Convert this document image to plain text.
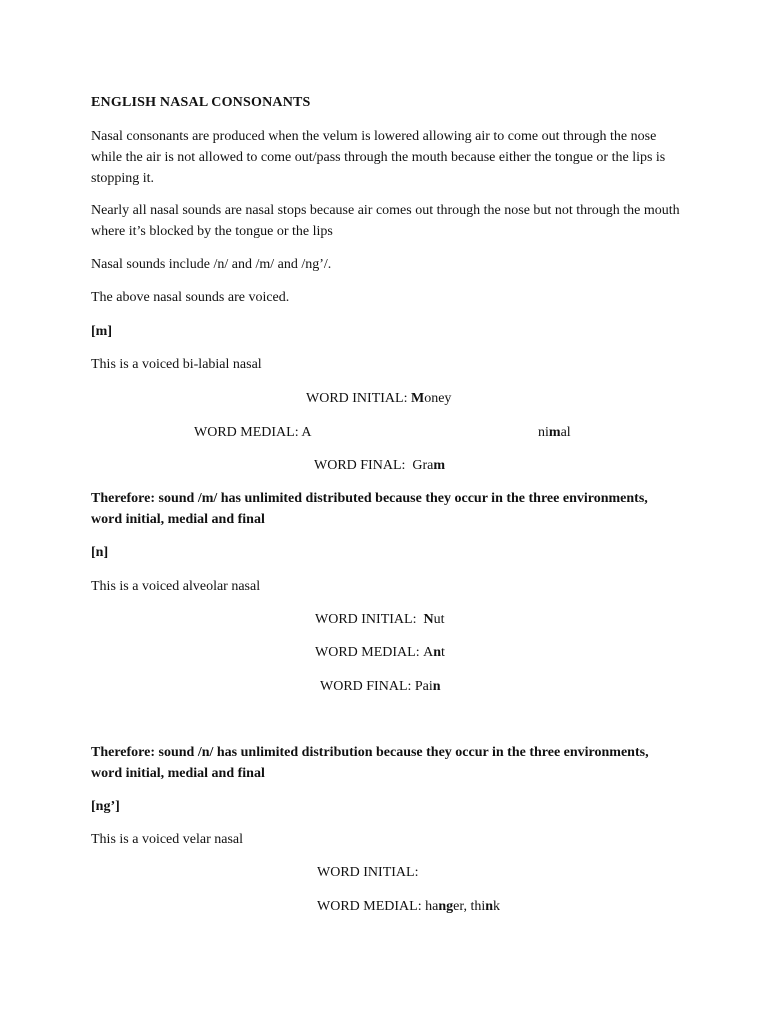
ENGLISH NASAL CONSONANTS

Nasal consonants are produced when the velum is lowered allowing air to come out through the nose while the air is not allowed to come out/pass through the mouth because either the tongue or the lips is stopping it.

Nearly all nasal sounds are nasal stops because air comes out through the nose but not through the mouth where it’s blocked by the tongue or the lips

Nasal sounds include /n/ and /m/ and /ng’/.

The above nasal sounds are voiced.

[m]

This is a voiced bi-labial nasal

WORD INITIAL: Money

WORD MEDIAL: A	nimal

WORD FINAL: Gram

Therefore: sound /m/ has unlimited distributed because they occur in the three environments, word initial, medial and final

[n]

This is a voiced alveolar nasal

WORD INITIAL: Nut

WORD MEDIAL: Ant

WORD FINAL: Pain

Therefore: sound /n/ has unlimited distribution because they occur in the three environments, word initial, medial and final

[ng’]

This is a voiced velar nasal

WORD INITIAL:

WORD MEDIAL: hanger, think
